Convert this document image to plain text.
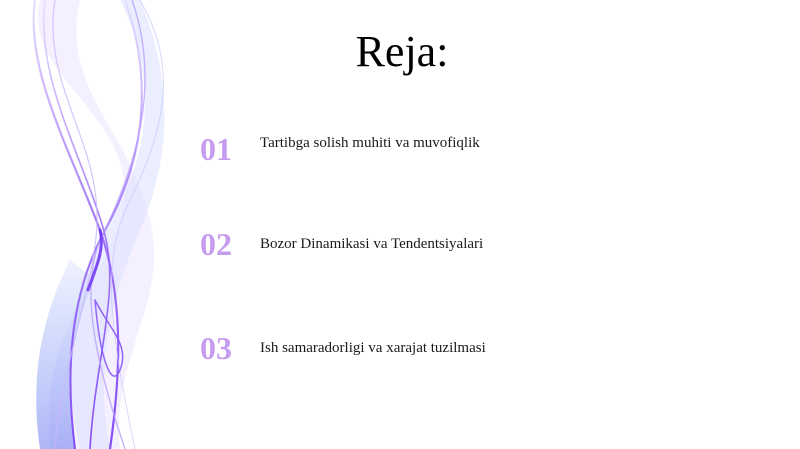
Reja:
01	Tartibga solish muhiti va muvofiqlik
02	Bozor Dinamikasi va Tendentsiyalari
03	Ish samaradorligi va xarajat tuzilmasi
